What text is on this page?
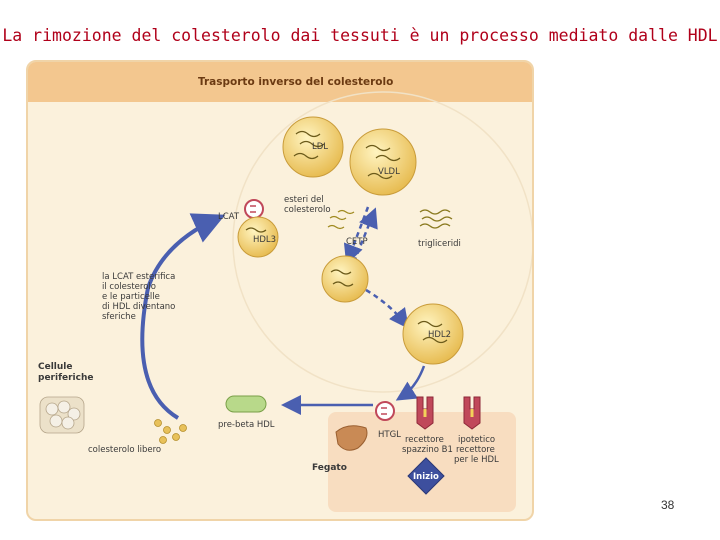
La rimozione del colesterolo dai tessuti è un processo mediato dalle HDL
Trasporto inverso del colesterolo
LDL
VLDL
LCAT
HDL3
esteri del
colesterolo
CETP	trigliceridi
la LCAT esterifica
il colesterolo
e le particelle
di HDL diventano
sferiche
HDL2
Cellule
periferiche
pre-beta HDL
colesterolo libero
HTGL recettore
spazzino B1
ipotetico
recettore
per le HDL
Fegato
Inizio
38
